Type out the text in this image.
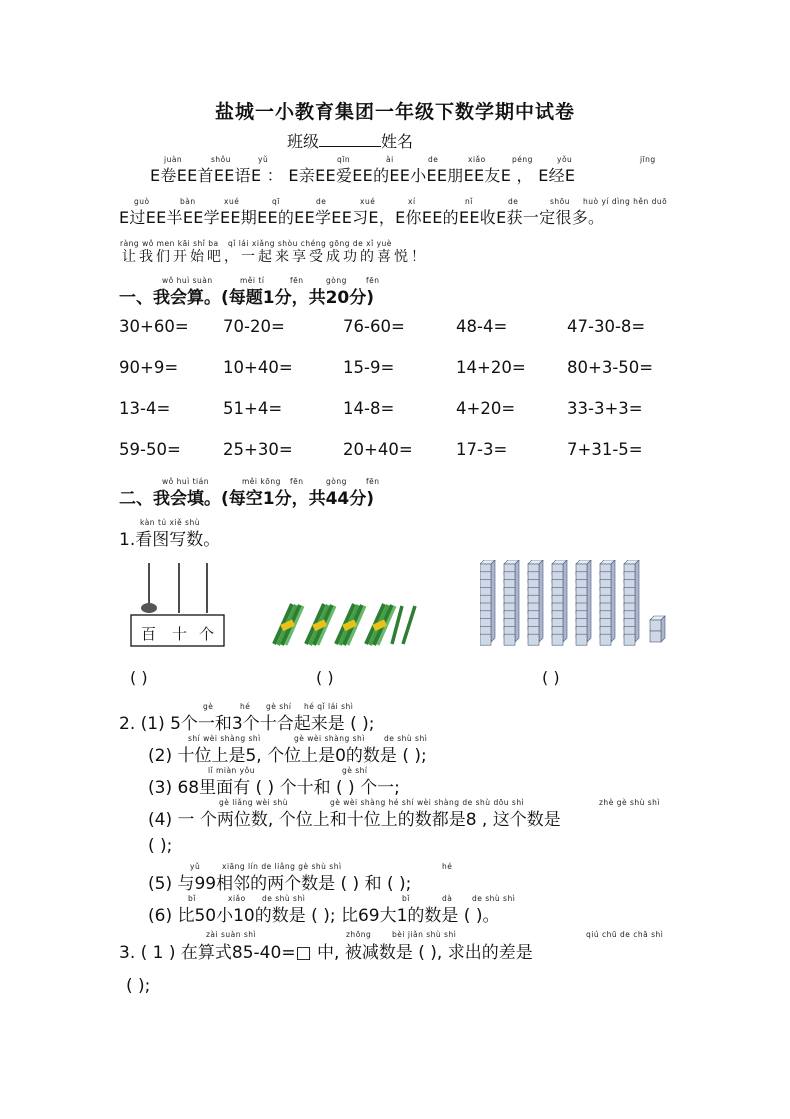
盐城一小教育集团一年级下数学期中试卷
班级	姓名
juàn	shǒu	yǔ	qīn	ài	de	xiǎo	péng	yǒu	jīng
E卷EE首EE语E ： E亲EE爱EE的EE小EE朋EE友E ， E经E
guò	bàn	xué	qī	de	xué	xí	nǐ	de	shōu huò yí dìng hěn duō
E过EE半EE学EE期EE的EE学EE习E，E你EE的EE收E获一定很多。
ràng wǒ men kāi shǐ ba qǐ lái xiǎng shòu chéng gōng de xǐ yuè
让我们开始吧，一起来享受成功的喜悦！
wǒ huì suàn	měi tí	fēn	gòng	fēn
一、我会算。(每题1分，共20分)
30+60= 70-20=	76-60=	48-4=	47-30-8=
90+9=	10+40=	15-9=	14+20=	80+3-50=
13-4=	51+4=	14-8=	4+20=	33-3+3=
59-50=	25+30=	20+40=	17-3=	7+31-5=
wǒ huì tián	měi kōng fēn	gòng	fēn
二、我会填。(每空1分，共44分)
kàn tú xiě shù
1.看图写数。
百 十 个
( )	( )	( )
gè	hé gè shí hé qǐ lái shì
2. (1) 5个一和3个十合起来是 ( );
shí wèi shàng shì	gè wèi shàng shì	de shù shì
(2) 十位上是5, 个位上是0的数是 ( );
lǐ miàn yǒu	gè shí
(3) 68里面有 ( ) 个十和 ( ) 个一;
gè liǎng wèi shù	gè wèi shàng hé shí wèi shàng de shù dōu shì	zhè gè shù shì
(4) 一 个两位数, 个位上和十位上的数都是8 , 这个数是
( );
yǔ	xiāng lín de liǎng gè shù shì	hé
(5) 与99相邻的两个数是 ( ) 和 ( );
bǐ	xiǎo de shù shì	bǐ	dà	de shù shì
(6) 比50小10的数是 ( ); 比69大1的数是 ( )。
zài suàn shì	zhōng	bèi jiǎn shù shì	qiú chū de chā shì
3. ( 1 ) 在算式85-40=□ 中, 被减数是 ( ), 求出的差是
( );
